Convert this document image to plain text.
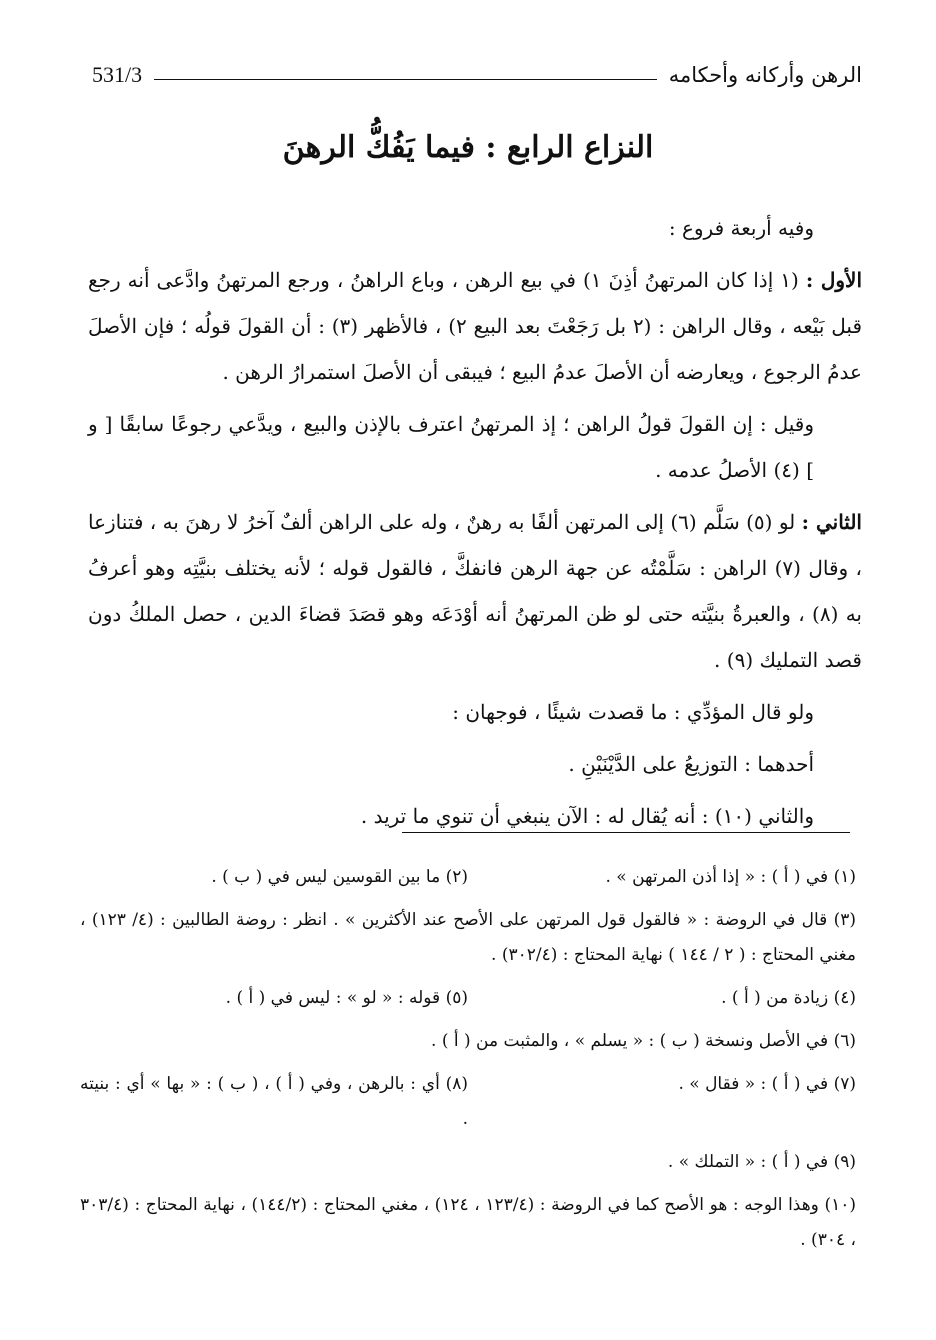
531/3	الرهن وأركانه وأحكامه
النزاع الرابع : فيما يَفُكُّ الرهنَ

وفيه أربعة فروع :

الأول : (١ إذا كان المرتهنُ أذِنَ ١) في بيع الرهن ، وباع الراهنُ ، ورجع المرتهنُ وادَّعى أنه رجع قبل بَيْعه ، وقال الراهن : (٢ بل رَجَعْتَ بعد البيع ٢) ، فالأظهر (٣) : أن القولَ قولُه ؛ فإن الأصلَ عدمُ الرجوع ، ويعارضه أن الأصلَ عدمُ البيع ؛ فيبقى أن الأصلَ استمرارُ الرهن .

وقيل : إن القولَ قولُ الراهن ؛ إذ المرتهنُ اعترف بالإذن والبيع ، ويدَّعي رجوعًا سابقًا [ و ] (٤) الأصلُ عدمه .

الثاني : لو (٥) سَلَّم (٦) إلى المرتهن ألفًا به رهنٌ ، وله على الراهن ألفٌ آخرُ لا رهنَ به ، فتنازعا ، وقال (٧) الراهن : سَلَّمْتُه عن جهة الرهن فانفكَّ ، فالقول قوله ؛ لأنه يختلف بنيَّتِه وهو أعرفُ به (٨) ، والعبرةُ بنيَّته حتى لو ظن المرتهنُ أنه أوْدَعَه وهو قصَدَ قضاءَ الدين ، حصل الملكُ دون قصد التمليك (٩) .

ولو قال المؤدِّي : ما قصدت شيئًا ، فوجهان :

أحدهما : التوزيعُ على الدَّيْنَيْنِ .

والثاني (١٠) : أنه يُقال له : الآن ينبغي أن تنوي ما تريد .

(١) في ( أ ) : « إذا أذن المرتهن » .
(٢) ما بين القوسين ليس في ( ب ) .
(٣) قال في الروضة : « فالقول قول المرتهن على الأصح عند الأكثرين » . انظر : روضة الطالبين : (٤/ ١٢٣) ، مغني المحتاج : ( ٢ / ١٤٤ ) نهاية المحتاج : (٣٠٢/٤) .
(٤) زيادة من ( أ ) .
(٥) قوله : « لو » : ليس في ( أ ) .
(٦) في الأصل ونسخة ( ب ) : « يسلم » ، والمثبت من ( أ ) .
(٧) في ( أ ) : « فقال » .
(٨) أي : بالرهن ، وفي ( أ ) ، ( ب ) : « بها » أي : بنيته .
(٩) في ( أ ) : « التملك » .
(١٠) وهذا الوجه : هو الأصح كما في الروضة : (١٢٣/٤ ، ١٢٤) ، مغني المحتاج : (١٤٤/٢) ، نهاية المحتاج : (٣٠٣/٤ ، ٣٠٤) .
